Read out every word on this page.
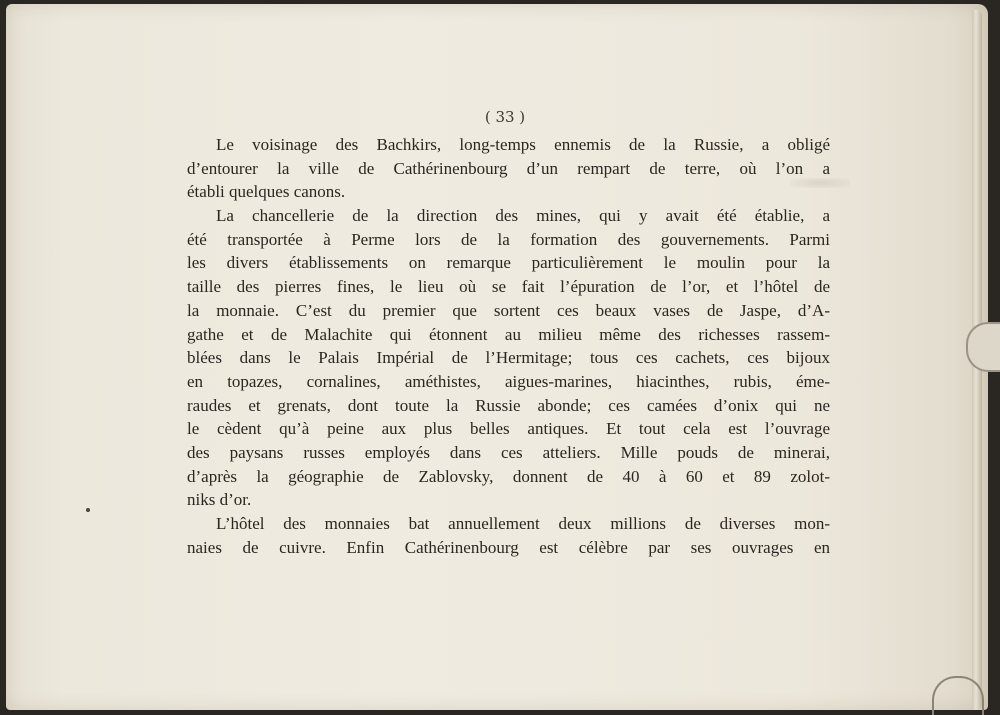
( 33 )
Le voisinage des Bachkirs, long-temps ennemis de la Russie, a obligé
d’entourer la ville de Cathérinenbourg d’un rempart de terre, où l’on a
établi quelques canons.
La chancellerie de la direction des mines, qui y avait été établie, a
été transportée à Perme lors de la formation des gouvernements. Parmi
les divers établissements on remarque particulièrement le moulin pour la
taille des pierres fines, le lieu où se fait l’épuration de l’or, et l’hôtel de
la monnaie. C’est du premier que sortent ces beaux vases de Jaspe, d’A-
gathe et de Malachite qui étonnent au milieu même des richesses rassem-
blées dans le Palais Impérial de l’Hermitage; tous ces cachets, ces bijoux
en topazes, cornalines, améthistes, aigues-marines, hiacinthes, rubis, éme-
raudes et grenats, dont toute la Russie abonde; ces camées d’onix qui ne
le cèdent qu’à peine aux plus belles antiques. Et tout cela est l’ouvrage
des paysans russes employés dans ces atteliers. Mille pouds de minerai,
d’après la géographie de Zablovsky, donnent de 40 à 60 et 89 zolot-
niks d’or.
L’hôtel des monnaies bat annuellement deux millions de diverses mon-
naies de cuivre. Enfin Cathérinenbourg est célèbre par ses ouvrages en
